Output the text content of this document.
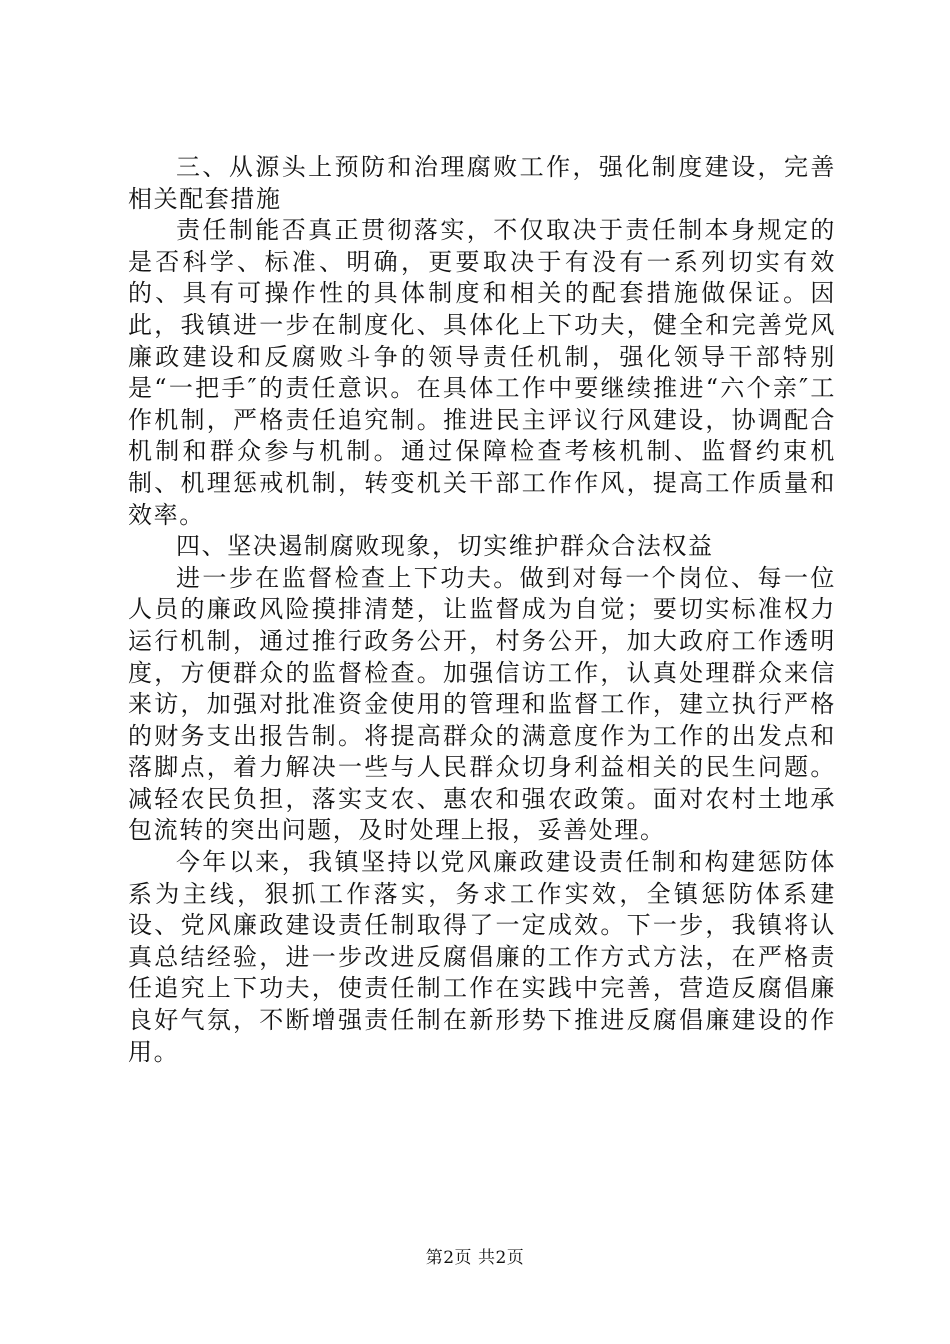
三、从源头上预防和治理腐败工作，强化制度建设，完善相关配套措施

责任制能否真正贯彻落实，不仅取决于责任制本身规定的是否科学、标准、明确，更要取决于有没有一系列切实有效的、具有可操作性的具体制度和相关的配套措施做保证。因此，我镇进一步在制度化、具体化上下功夫，健全和完善党风廉政建设和反腐败斗争的领导责任机制，强化领导干部特别是“一把手″的责任意识。在具体工作中要继续推进“六个亲″工作机制，严格责任追究制。推进民主评议行风建设，协调配合机制和群众参与机制。通过保障检查考核机制、监督约束机制、机理惩戒机制，转变机关干部工作作风，提高工作质量和效率。

四、坚决遏制腐败现象，切实维护群众合法权益

进一步在监督检查上下功夫。做到对每一个岗位、每一位人员的廉政风险摸排清楚，让监督成为自觉；要切实标准权力运行机制，通过推行政务公开，村务公开，加大政府工作透明度，方便群众的监督检查。加强信访工作，认真处理群众来信来访，加强对批准资金使用的管理和监督工作，建立执行严格的财务支出报告制。将提高群众的满意度作为工作的出发点和落脚点，着力解决一些与人民群众切身利益相关的民生问题。减轻农民负担，落实支农、惠农和强农政策。面对农村土地承包流转的突出问题，及时处理上报，妥善处理。

今年以来，我镇坚持以党风廉政建设责任制和构建惩防体系为主线，狠抓工作落实，务求工作实效，全镇惩防体系建设、党风廉政建设责任制取得了一定成效。下一步，我镇将认真总结经验，进一步改进反腐倡廉的工作方式方法，在严格责任追究上下功夫，使责任制工作在实践中完善，营造反腐倡廉良好气氛，不断增强责任制在新形势下推进反腐倡廉建设的作用。

第2页 共2页
